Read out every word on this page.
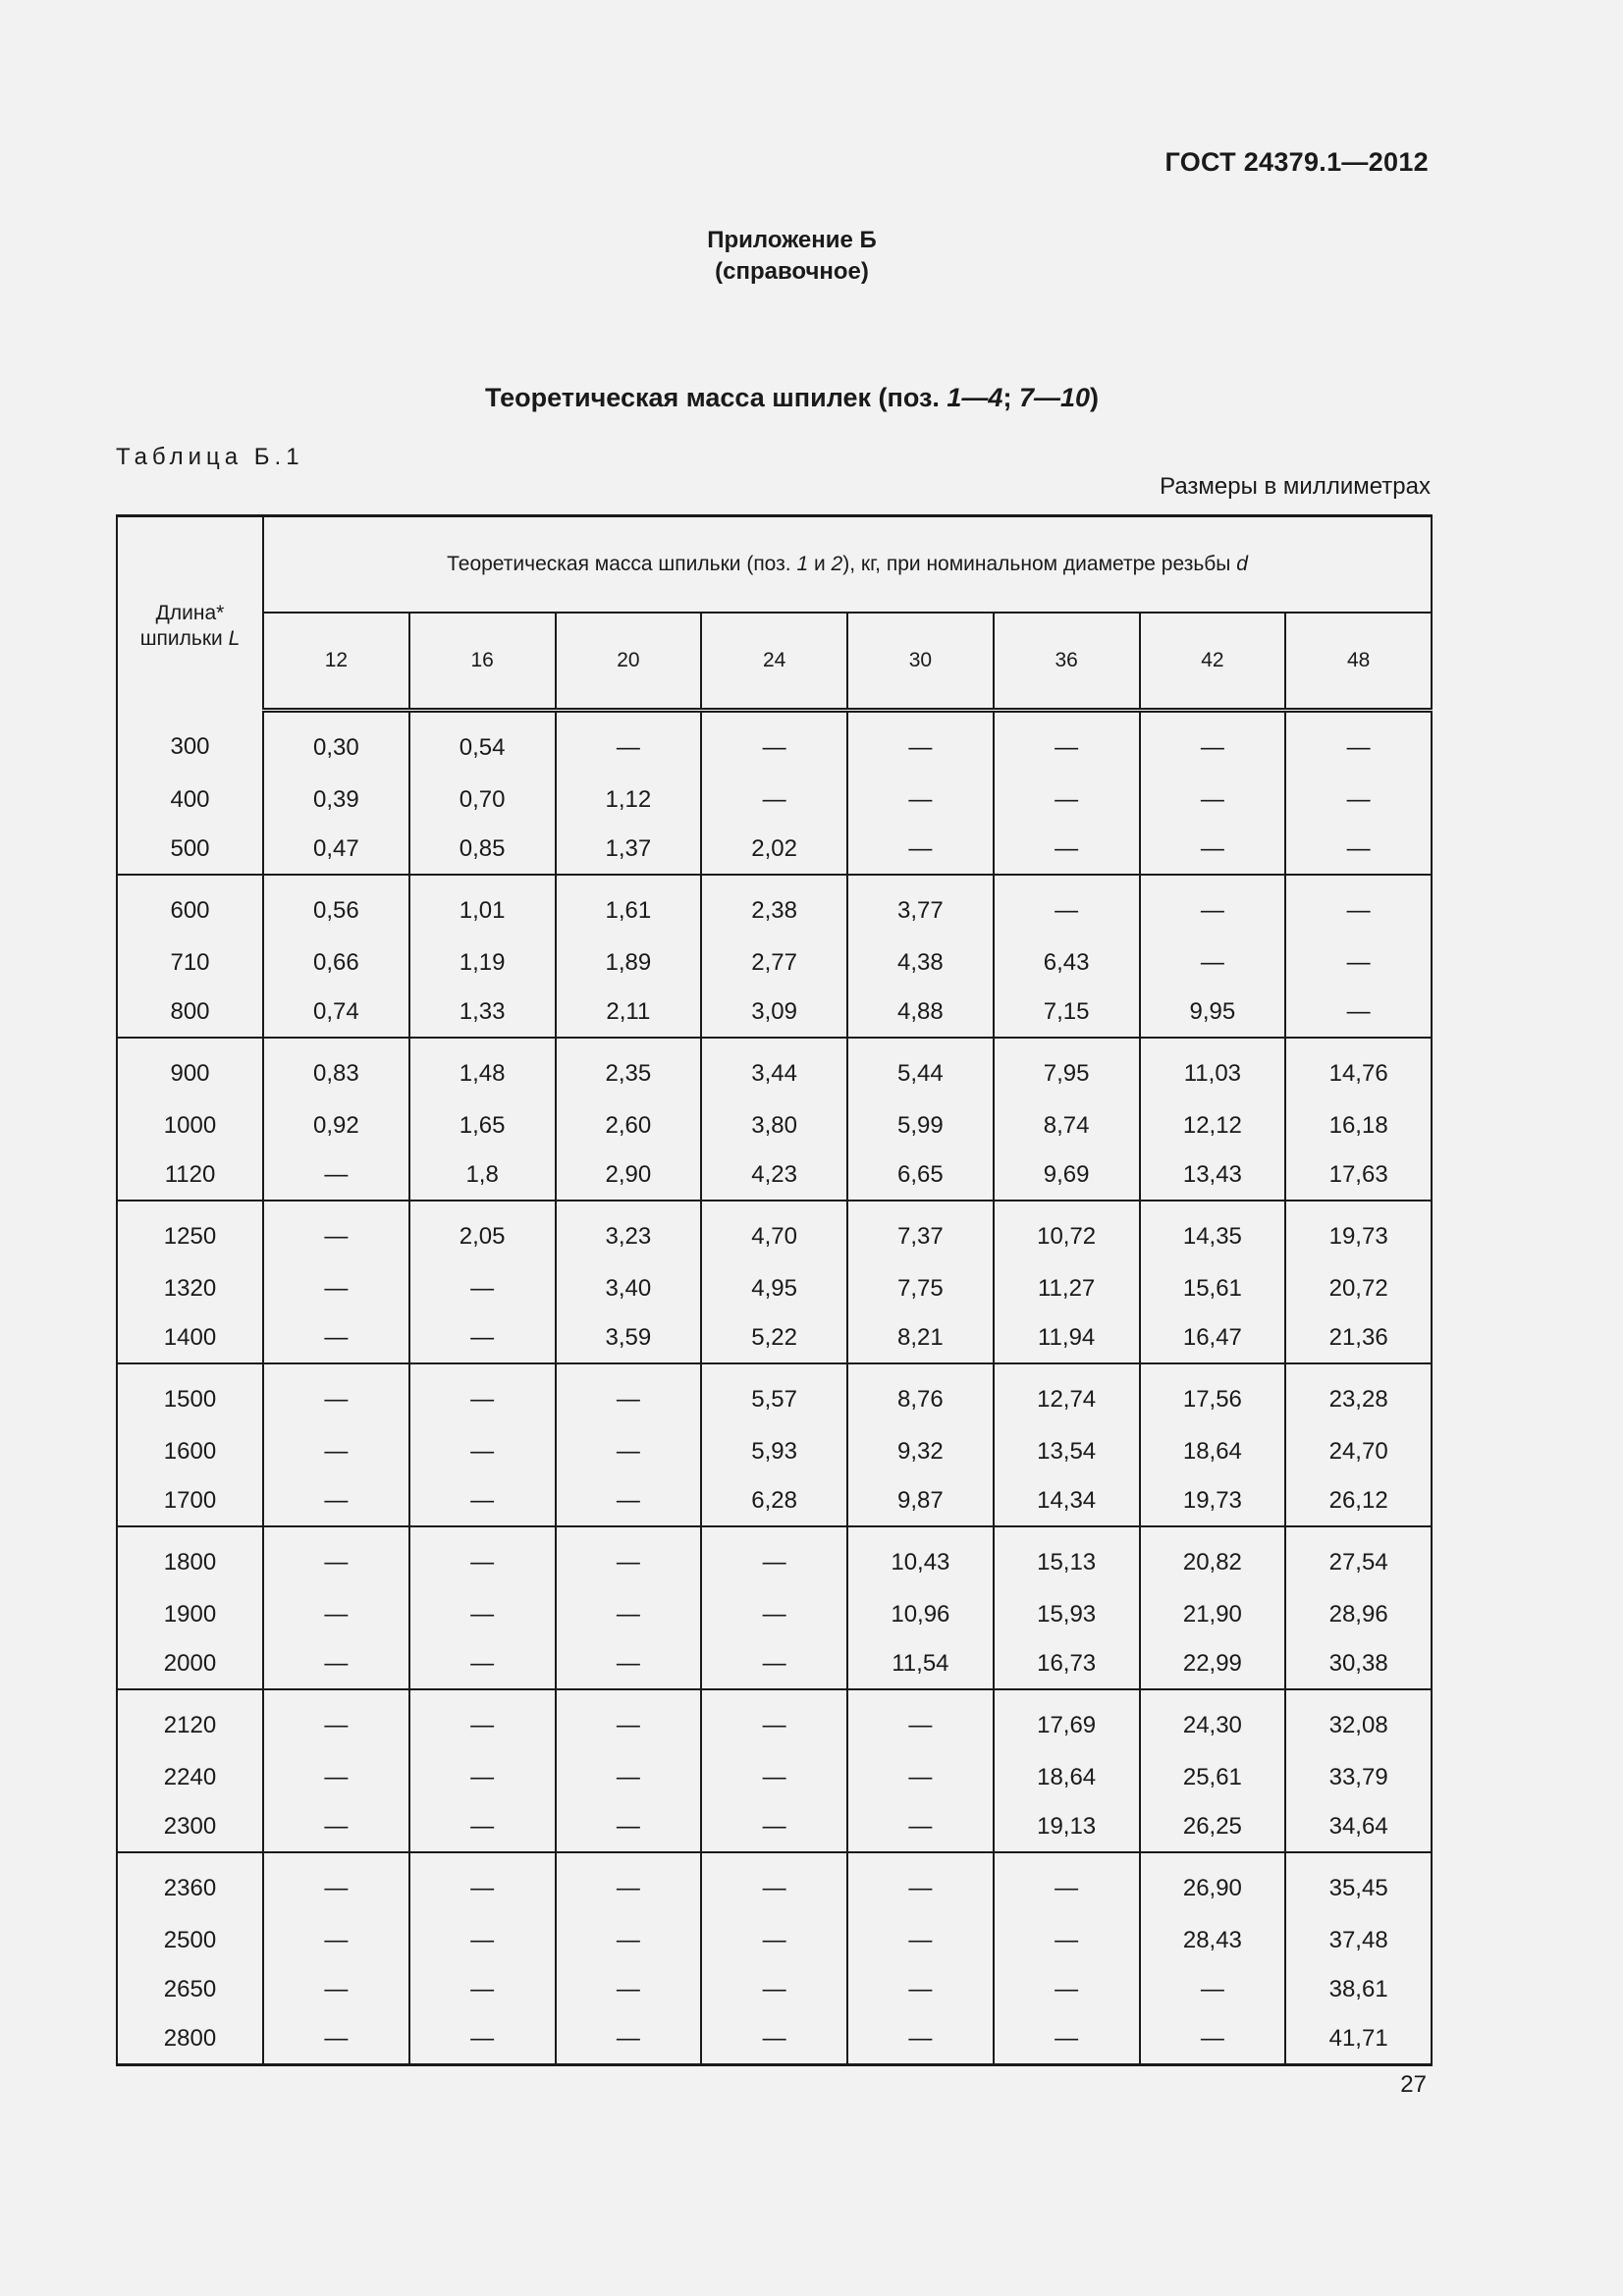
ГОСТ 24379.1—2012
Приложение Б
(справочное)
Теоретическая масса шпилек (поз. 1—4; 7—10)
Таблица Б.1
Размеры в миллиметрах
Длина*
шпильки L	Теоретическая масса шпильки (поз. 1 и 2), кг, при номинальном диаметре резьбы d							
	12	16	20	24	30	36	42	48
300	0,30	0,54	—	—	—	—	—	—
400	0,39	0,70	1,12	—	—	—	—	—
500	0,47	0,85	1,37	2,02	—	—	—	—
600	0,56	1,01	1,61	2,38	3,77	—	—	—
710	0,66	1,19	1,89	2,77	4,38	6,43	—	—
800	0,74	1,33	2,11	3,09	4,88	7,15	9,95	—
900	0,83	1,48	2,35	3,44	5,44	7,95	11,03	14,76
1000	0,92	1,65	2,60	3,80	5,99	8,74	12,12	16,18
1120	—	1,8	2,90	4,23	6,65	9,69	13,43	17,63
1250	—	2,05	3,23	4,70	7,37	10,72	14,35	19,73
1320	—	—	3,40	4,95	7,75	11,27	15,61	20,72
1400	—	—	3,59	5,22	8,21	11,94	16,47	21,36
1500	—	—	—	5,57	8,76	12,74	17,56	23,28
1600	—	—	—	5,93	9,32	13,54	18,64	24,70
1700	—	—	—	6,28	9,87	14,34	19,73	26,12
1800	—	—	—	—	10,43	15,13	20,82	27,54
1900	—	—	—	—	10,96	15,93	21,90	28,96
2000	—	—	—	—	11,54	16,73	22,99	30,38
2120	—	—	—	—	—	17,69	24,30	32,08
2240	—	—	—	—	—	18,64	25,61	33,79
2300	—	—	—	—	—	19,13	26,25	34,64
2360	—	—	—	—	—	—	26,90	35,45
2500	—	—	—	—	—	—	28,43	37,48
2650	—	—	—	—	—	—	—	38,61
2800	—	—	—	—	—	—	—	41,71
27
